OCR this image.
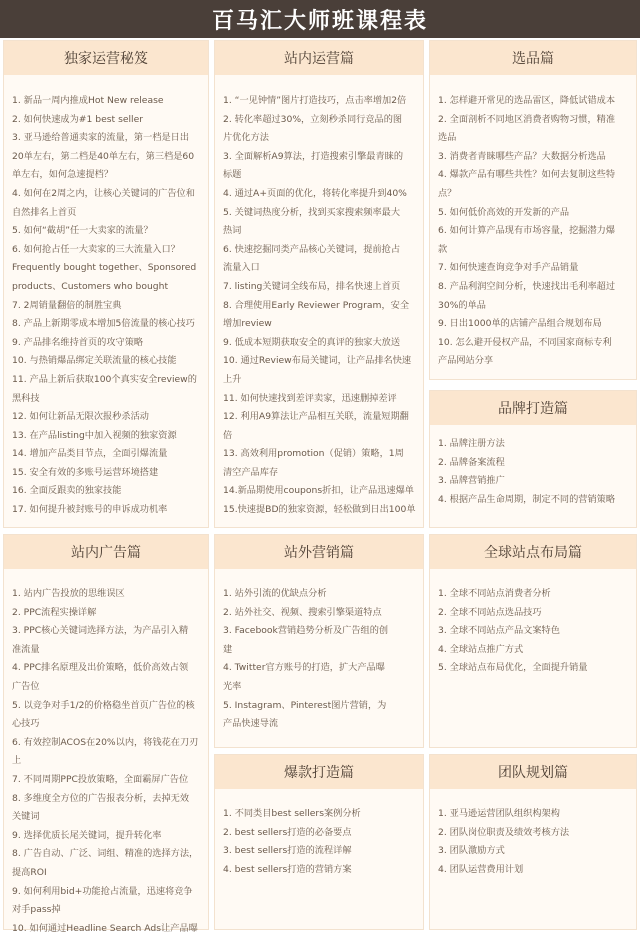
百马汇大师班课程表
独家运营秘笈
1. 新品一周内推成Hot New release
2. 如何快速成为#1 best seller
3. 亚马逊给普通卖家的流量，第一档是日出
20单左右，第二档是40单左右，第三档是60
单左右，如何急速提档？
4. 如何在2周之内，让核心关键词的广告位和
自然排名上首页
5. 如何“截胡”任一大卖家的流量？
6. 如何抢占任一大卖家的三大流量入口？
Frequently bought together、Sponsored
products、Customers who bought
7. 2周销量翻倍的制胜宝典
8. 产品上新期零成本增加5倍流量的核心技巧
9. 产品排名维持首页的攻守策略
10. 与热销爆品绑定关联流量的核心技能
11. 产品上新后获取100个真实安全review的
黑科技
12. 如何让新品无限次报秒杀活动
13. 在产品listing中加入视频的独家资源
14. 增加产品类目节点，全面引爆流量
15. 安全有效的多账号运营环境搭建
16. 全面反跟卖的独家技能
17. 如何提升被封账号的申诉成功机率
站内广告篇
1. 站内广告投放的思维误区
2. PPC流程实操详解
3. PPC核心关键词选择方法，为产品引入精
准流量
4. PPC排名原理及出价策略，低价高效占领
广告位
5. 以竞争对手1/2的价格稳坐首页广告位的核
心技巧
6. 有效控制ACOS在20%以内，将钱花在刀刃上
7. 不同周期PPC投放策略，全面霸屏广告位
8. 多维度全方位的广告报表分析，去掉无效
关键词
9. 选择优质长尾关键词，提升转化率
8. 广告自动、广泛、词组、精准的选择方法，
提高ROI
9. 如何利用bid+功能抢占流量，迅速将竞争
对手pass掉
10. 如何通过Headline Search Ads让产品曝
站内运营篇
1. “一见钟情”图片打造技巧，点击率增加2倍
2. 转化率超过30%，立刻秒杀同行竞品的图
片优化方法
3. 全面解析A9算法，打造搜索引擎最青睐的
标题
4. 通过A+页面的优化，将转化率提升到40%
5. 关键词热度分析，找到买家搜索频率最大
热词
6. 快速挖掘同类产品核心关键词，提前抢占
流量入口
7. listing关键词全线布局，排名快速上首页
8. 合理使用Early Reviewer Program，安全
增加review
9. 低成本短期获取安全的真评的独家大放送
10. 通过Review布局关键词，让产品排名快速
上升
11. 如何快速找到差评卖家，迅速删掉差评
12. 利用A9算法让产品相互关联，流量短期翻
倍
13. 高效利用promotion（促销）策略，1周
清空产品库存
14.新品期使用coupons折扣，让产品迅速爆单
15.快速提BD的独家资源，轻松做到日出100单
站外营销篇
1. 站外引流的优缺点分析
2. 站外社交、视频、搜索引擎渠道特点
3. Facebook营销趋势分析及广告组的创
建
4. Twitter官方账号的打造，扩大产品曝
光率
5. Instagram、Pinterest图片营销，为
产品快速导流
爆款打造篇
1. 不同类目best sellers案例分析
2. best sellers打造的必备要点
3. best sellers打造的流程详解
4. best sellers打造的营销方案
选品篇
1. 怎样避开常见的选品雷区，降低试错成本
2. 全面剖析不同地区消费者购物习惯，精准
选品
3. 消费者青睐哪些产品？大数据分析选品
4. 爆款产品有哪些共性？如何去复制这些特
点？
5. 如何低价高效的开发新的产品
6. 如何计算产品现有市场容量，挖掘潜力爆
款
7. 如何快速查询竞争对手产品销量
8. 产品利润空间分析，快速找出毛利率超过
30%的单品
9. 日出1000单的店铺产品组合规划布局
10. 怎么避开侵权产品，不同国家商标专利
产品网站分享
品牌打造篇
1. 品牌注册方法
2. 品牌备案流程
3. 品牌营销推广
4. 根据产品生命周期，制定不同的营销策略
全球站点布局篇
1. 全球不同站点消费者分析
2. 全球不同站点选品技巧
3. 全球不同站点产品文案特色
4. 全球站点推广方式
5. 全球站点布局优化，全面提升销量
团队规划篇
1. 亚马逊运营团队组织构架构
2. 团队岗位职责及绩效考核方法
3. 团队激励方式
4. 团队运营费用计划
